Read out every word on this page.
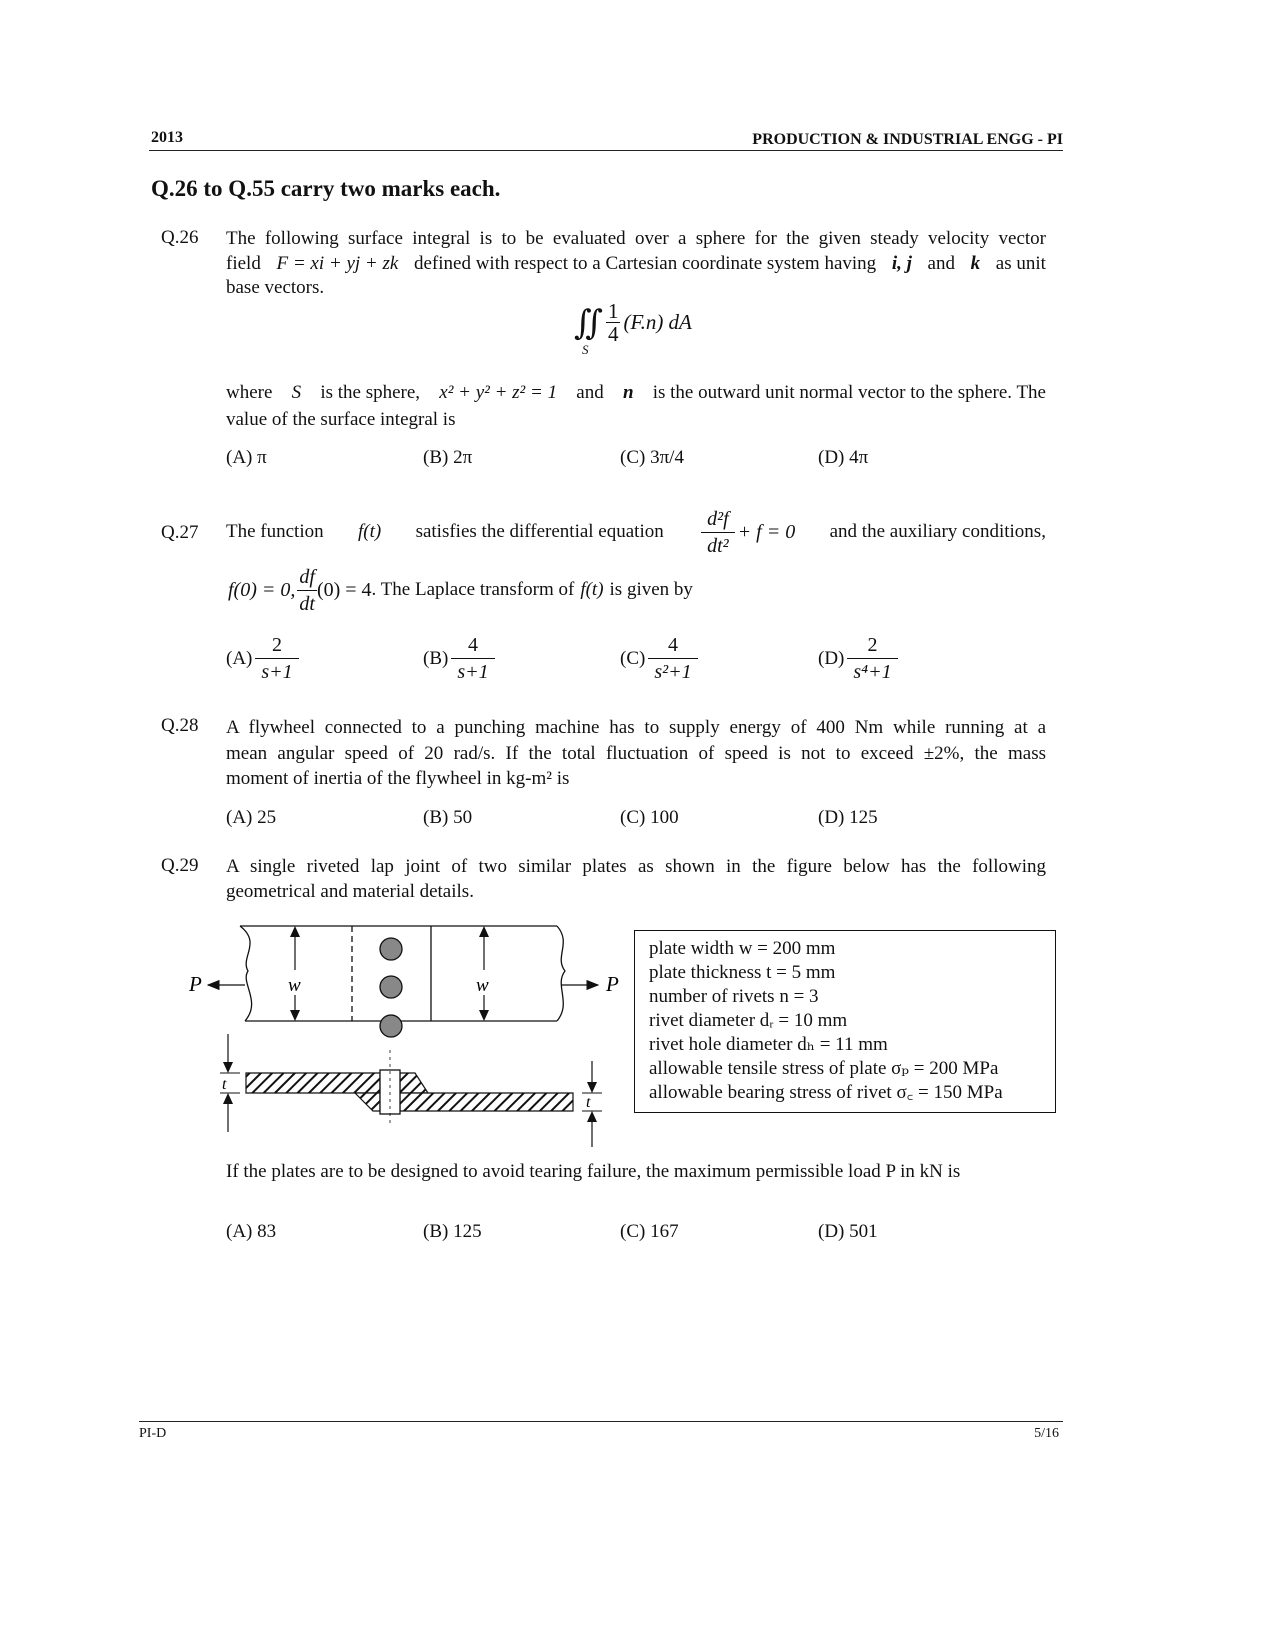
2013	PRODUCTION & INDUSTRIAL ENGG - PI
Q.26 to Q.55 carry two marks each.
Q.26 The following surface integral is to be evaluated over a sphere for the given steady velocity vector
field F = xi + yj + zk defined with respect to a Cartesian coordinate system having i, j and k as unit
base vectors.
∬
S
$\frac{1}{4} (F.n)$ dA
where S is the sphere, x² + y² + z² = 1 and n is the outward unit normal vector to the sphere. The
value of the surface integral is
(A) π	(B) 2π	(C) 3π/4	(D) 4π
Q.27 The function f(t) satisfies the differential equation $\frac{\text{d²f}}{\text{dt²}} + f = 0$ and the auxiliary conditions,
f(0) = 0, $\frac{df}{dt} (0) = 4$ . The Laplace transform of f(t) is given by
$(A) \frac{2}{s+1}$	$(B) \frac{4}{s+1}$	$(C) \frac{4}{\text{s²+1}}$	$(D) \frac{2}{\text{s⁴+1}}$
Q.28 A flywheel connected to a punching machine has to supply energy of 400 Nm while running at a
mean angular speed of 20 rad/s. If the total fluctuation of speed is not to exceed ±2%, the mass
moment of inertia of the flywheel in kg-m² is
(A) 25	(B) 50	(C) 100	(D) 125
Q.29 A single riveted lap joint of two similar plates as shown in the figure below has the following
geometrical and material details.
w	w
P	P
t
t
plate width w = 200 mm
plate thickness t = 5 mm
number of rivets n = 3
rivet diameter dᵣ = 10 mm
rivet hole diameter dₕ = 11 mm
allowable tensile stress of plate σₚ = 200 MPa
allowable bearing stress of rivet σ꜀ = 150 MPa
If the plates are to be designed to avoid tearing failure, the maximum permissible load P in kN is
(A) 83	(B) 125	(C) 167	(D) 501
PI-D	5/16
